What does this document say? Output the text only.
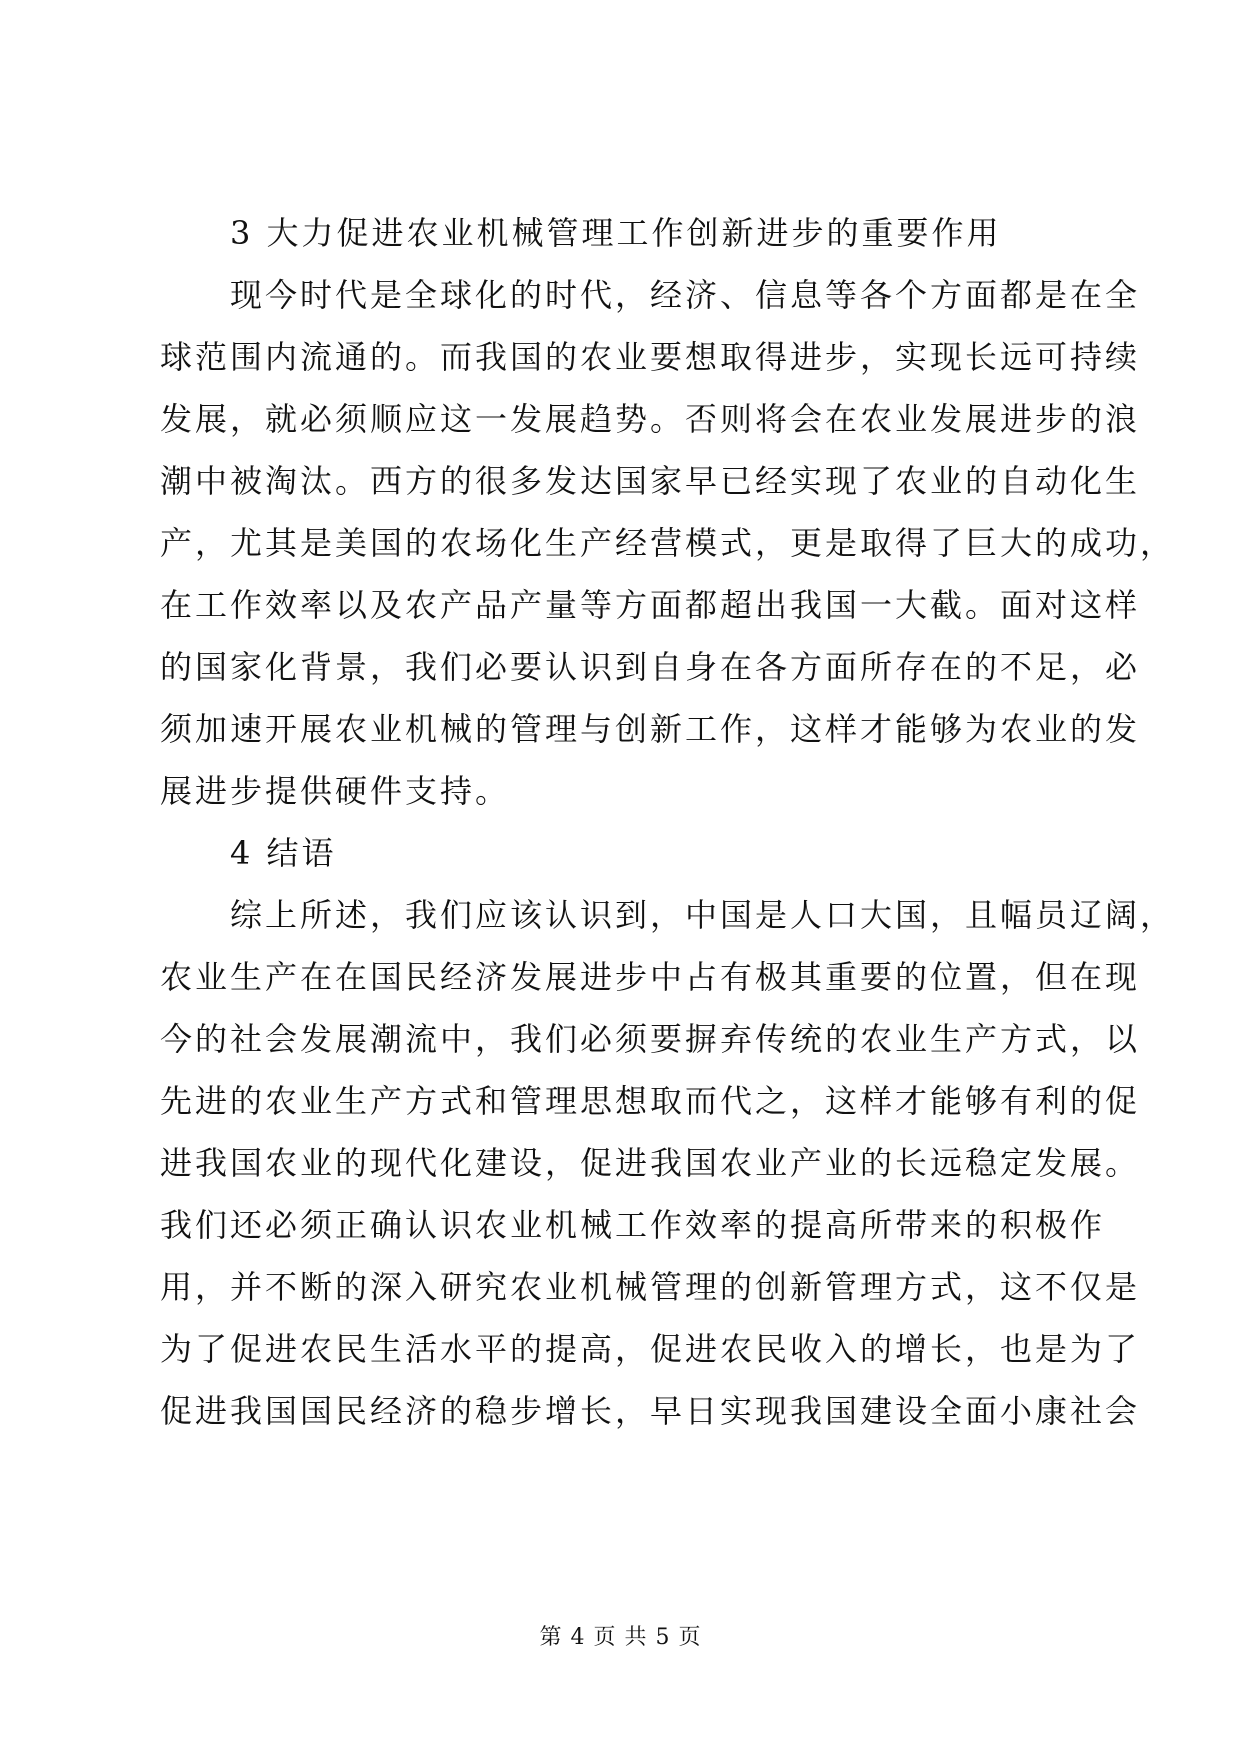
3 大力促进农业机械管理工作创新进步的重要作用
现今时代是全球化的时代，经济、信息等各个方面都是在全
球范围内流通的。而我国的农业要想取得进步，实现长远可持续
发展，就必须顺应这一发展趋势。否则将会在农业发展进步的浪
潮中被淘汰。西方的很多发达国家早已经实现了农业的自动化生
产，尤其是美国的农场化生产经营模式，更是取得了巨大的成功，
在工作效率以及农产品产量等方面都超出我国一大截。面对这样
的国家化背景，我们必要认识到自身在各方面所存在的不足，必
须加速开展农业机械的管理与创新工作，这样才能够为农业的发
展进步提供硬件支持。
4 结语
综上所述，我们应该认识到，中国是人口大国，且幅员辽阔，
农业生产在在国民经济发展进步中占有极其重要的位置，但在现
今的社会发展潮流中，我们必须要摒弃传统的农业生产方式，以
先进的农业生产方式和管理思想取而代之，这样才能够有利的促
进我国农业的现代化建设，促进我国农业产业的长远稳定发展。
我们还必须正确认识农业机械工作效率的提高所带来的积极作
用，并不断的深入研究农业机械管理的创新管理方式，这不仅是
为了促进农民生活水平的提高，促进农民收入的增长，也是为了
促进我国国民经济的稳步增长，早日实现我国建设全面小康社会
第 4 页 共 5 页
